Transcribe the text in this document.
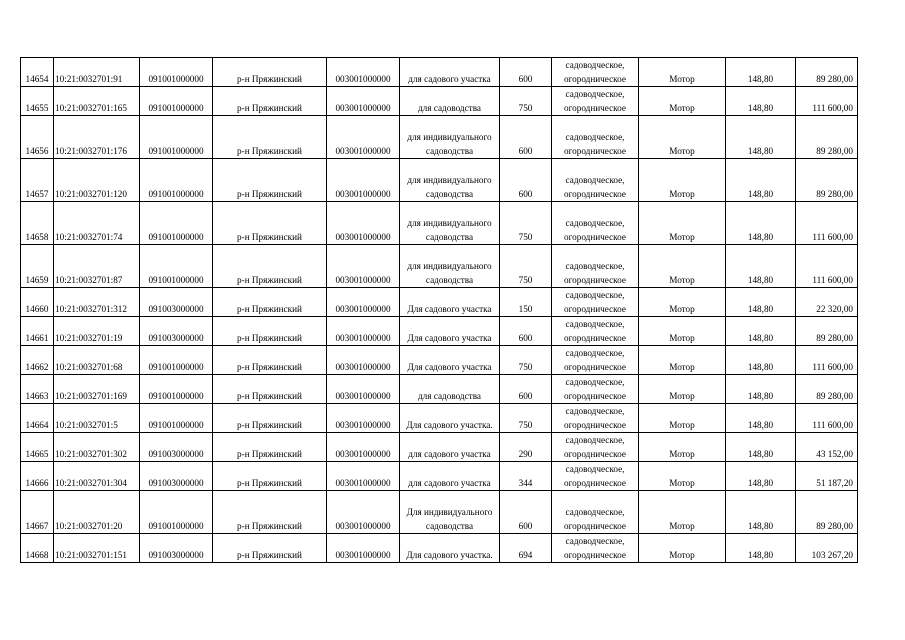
14654	10:21:0032701:91	091001000000	р-н Пряжинский	003001000000	для садового участка	600	садоводческое, огородническое	Мотор	148,80	89 280,00
14655	10:21:0032701:165	091001000000	р-н Пряжинский	003001000000	для садоводства	750	садоводческое, огородническое	Мотор	148,80	111 600,00
14656	10:21:0032701:176	091001000000	р-н Пряжинский	003001000000	для индивидуального садоводства	600	садоводческое, огородническое	Мотор	148,80	89 280,00
14657	10:21:0032701:120	091001000000	р-н Пряжинский	003001000000	для индивидуального садоводства	600	садоводческое, огородническое	Мотор	148,80	89 280,00
14658	10:21:0032701:74	091001000000	р-н Пряжинский	003001000000	для индивидуального садоводства	750	садоводческое, огородническое	Мотор	148,80	111 600,00
14659	10:21:0032701:87	091001000000	р-н Пряжинский	003001000000	для индивидуального садоводства	750	садоводческое, огородническое	Мотор	148,80	111 600,00
14660	10:21:0032701:312	091003000000	р-н Пряжинский	003001000000	Для садового участка	150	садоводческое, огородническое	Мотор	148,80	22 320,00
14661	10:21:0032701:19	091003000000	р-н Пряжинский	003001000000	Для садового участка	600	садоводческое, огородническое	Мотор	148,80	89 280,00
14662	10:21:0032701:68	091001000000	р-н Пряжинский	003001000000	Для садового участка	750	садоводческое, огородническое	Мотор	148,80	111 600,00
14663	10:21:0032701:169	091001000000	р-н Пряжинский	003001000000	для садоводства	600	садоводческое, огородническое	Мотор	148,80	89 280,00
14664	10:21:0032701:5	091001000000	р-н Пряжинский	003001000000	Для садового участка.	750	садоводческое, огородническое	Мотор	148,80	111 600,00
14665	10:21:0032701:302	091003000000	р-н Пряжинский	003001000000	для садового участка	290	садоводческое, огородническое	Мотор	148,80	43 152,00
14666	10:21:0032701:304	091003000000	р-н Пряжинский	003001000000	для садового участка	344	садоводческое, огородническое	Мотор	148,80	51 187,20
14667	10:21:0032701:20	091001000000	р-н Пряжинский	003001000000	Для индивидуального садоводства	600	садоводческое, огородническое	Мотор	148,80	89 280,00
14668	10:21:0032701:151	091003000000	р-н Пряжинский	003001000000	Для садового участка.	694	садоводческое, огородническое	Мотор	148,80	103 267,20
